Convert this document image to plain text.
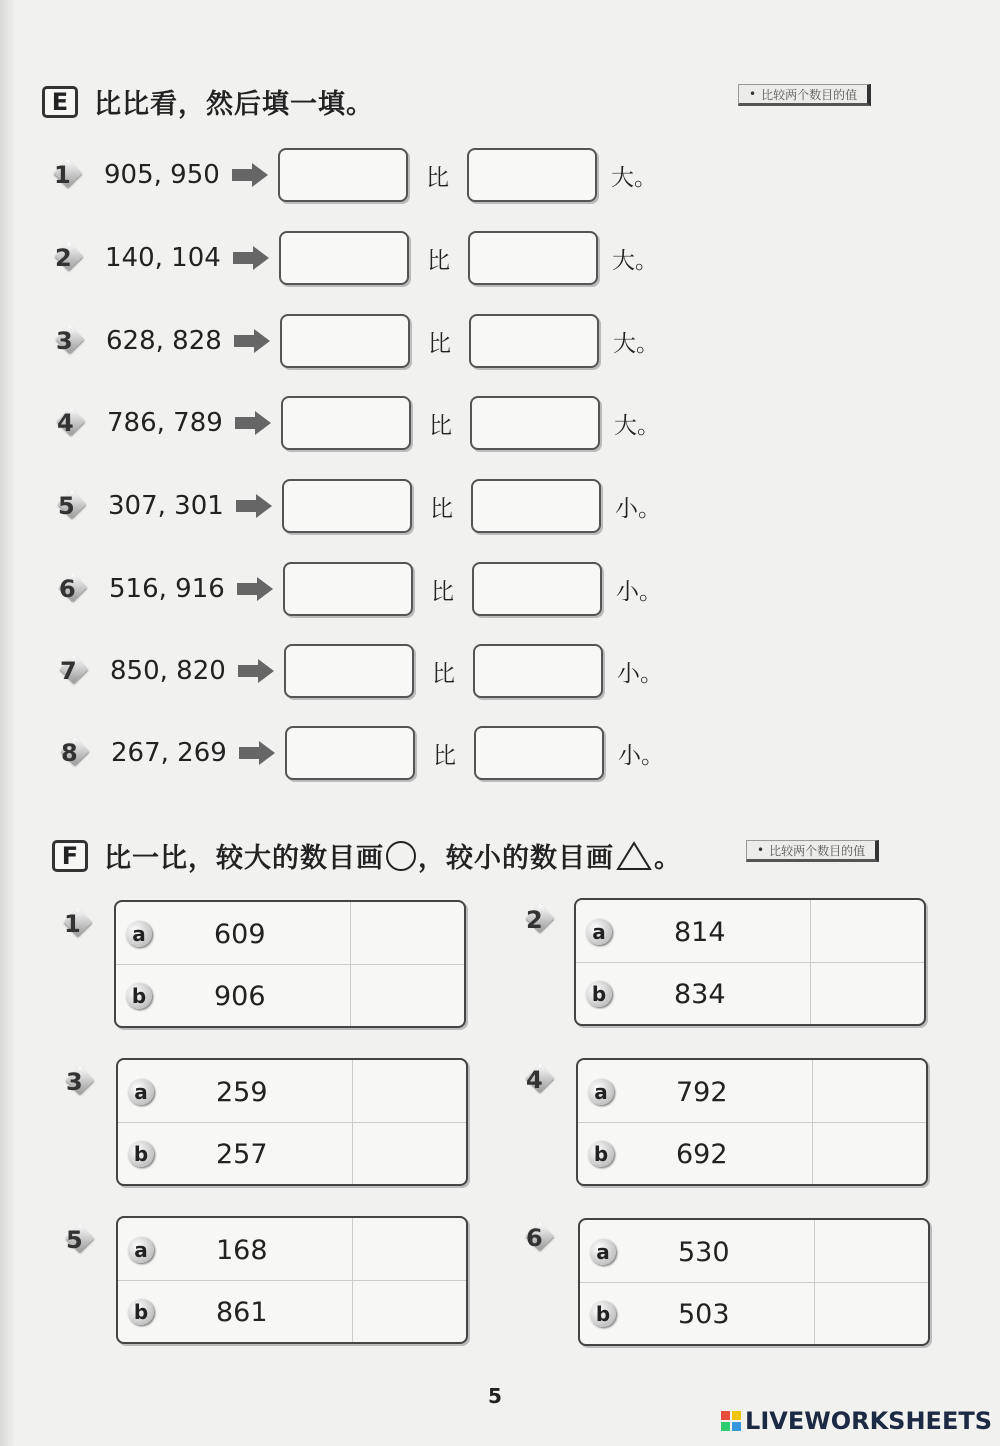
E 比比看，然后填一填。	• 比较两个数目的值
1 905, 950	比	大。
2 140, 104	比	大。
3 628, 828	比	大。
4 786, 789	比	大。
5 307, 301	比	小。
6 516, 916	比	小。
7 850, 820	比	小。
8 267, 269	比	小。
F 比一比，较大的数目画 ，较小的数目画 。	• 比较两个数目的值
1	a	609
b	906
2	a	814
b	834
3	a	259
b	257
4	a	792
b	692
5	a	168
b	861
6	a	530
b	503
5
LIVEWORKSHEETS
